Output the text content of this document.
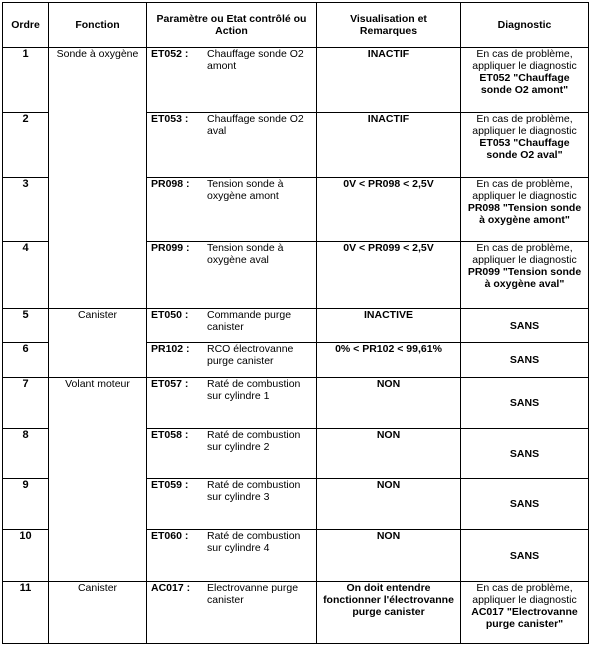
Ordre	Fonction	Paramètre ou Etat contrôlé ou Action	Visualisation et Remarques	Diagnostic
1	Sonde à oxygène	ET052 : Chauffage sonde O2 amont	INACTIF	En cas de problème, appliquer le diagnostic
ET052 "Chauffage sonde O2 amont"

2		ET053 : Chauffage sonde O2 aval	INACTIF	En cas de problème, appliquer le diagnostic
ET053 "Chauffage sonde O2 aval"

3		PR098 : Tension sonde à oxygène amont	0V < PR098 < 2,5V	En cas de problème, appliquer le diagnostic
PR098 "Tension sonde à oxygène amont"

4		PR099 : Tension sonde à oxygène aval	0V < PR099 < 2,5V	En cas de problème, appliquer le diagnostic
PR099 "Tension sonde à oxygène aval"

5	Canister	ET050 : Commande purge canister	INACTIVE	SANS
6		PR102 : RCO électrovanne purge canister	0% < PR102 < 99,61%	SANS
7	Volant moteur	ET057 : Raté de combustion sur cylindre 1	NON	SANS
8		ET058 : Raté de combustion sur cylindre 2	NON	SANS
9		ET059 : Raté de combustion sur cylindre 3	NON	SANS
10		ET060 : Raté de combustion sur cylindre 4	NON	SANS
11	Canister	AC017 : Electrovanne purge canister	On doit entendre fonctionner l'électrovanne purge canister	En cas de problème, appliquer le diagnostic
AC017 "Electrovanne purge canister"
